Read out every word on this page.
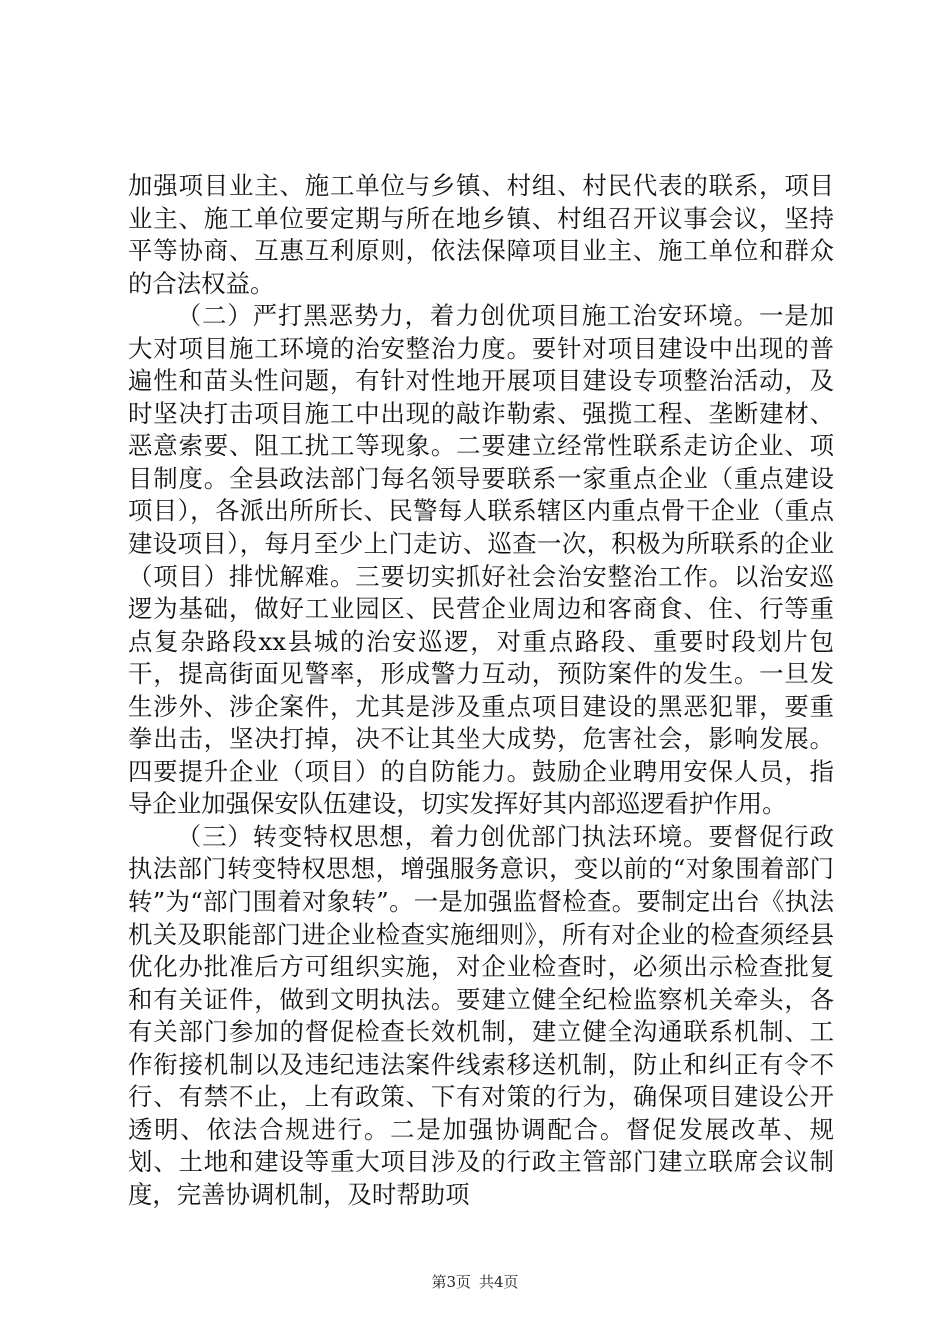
加强项目业主、施工单位与乡镇、村组、村民代表的联系，项目业主、施工单位要定期与所在地乡镇、村组召开议事会议，坚持平等协商、互惠互利原则，依法保障项目业主、施工单位和群众的合法权益。

（二）严打黑恶势力，着力创优项目施工治安环境。一是加大对项目施工环境的治安整治力度。要针对项目建设中出现的普遍性和苗头性问题，有针对性地开展项目建设专项整治活动，及时坚决打击项目施工中出现的敲诈勒索、强揽工程、垄断建材、恶意索要、阻工扰工等现象。二要建立经常性联系走访企业、项目制度。全县政法部门每名领导要联系一家重点企业（重点建设项目），各派出所所长、民警每人联系辖区内重点骨干企业（重点建设项目），每月至少上门走访、巡查一次，积极为所联系的企业（项目）排忧解难。三要切实抓好社会治安整治工作。以治安巡逻为基础，做好工业园区、民营企业周边和客商食、住、行等重点复杂路段xx县城的治安巡逻，对重点路段、重要时段划片包干，提高街面见警率，形成警力互动，预防案件的发生。一旦发生涉外、涉企案件，尤其是涉及重点项目建设的黑恶犯罪，要重拳出击，坚决打掉，决不让其坐大成势，危害社会，影响发展。四要提升企业（项目）的自防能力。鼓励企业聘用安保人员，指导企业加强保安队伍建设，切实发挥好其内部巡逻看护作用。

（三）转变特权思想，着力创优部门执法环境。要督促行政执法部门转变特权思想，增强服务意识，变以前的“对象围着部门转”为“部门围着对象转”。一是加强监督检查。要制定出台《执法机关及职能部门进企业检查实施细则》，所有对企业的检查须经县优化办批准后方可组织实施，对企业检查时，必须出示检查批复和有关证件，做到文明执法。要建立健全纪检监察机关牵头，各有关部门参加的督促检查长效机制，建立健全沟通联系机制、工作衔接机制以及违纪违法案件线索移送机制，防止和纠正有令不行、有禁不止，上有政策、下有对策的行为，确保项目建设公开透明、依法合规进行。二是加强协调配合。督促发展改革、规划、土地和建设等重大项目涉及的行政主管部门建立联席会议制度，完善协调机制，及时帮助项

第3页 共4页
